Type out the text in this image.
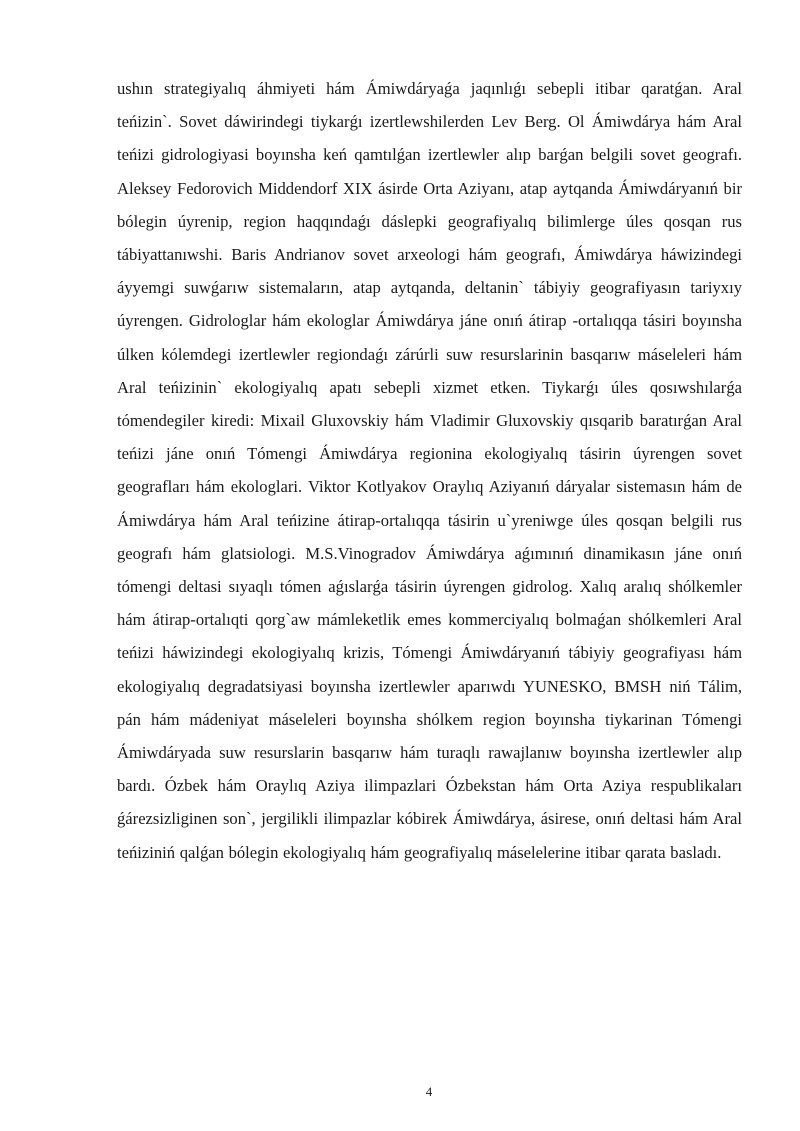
ushın strategiyalıq áhmiyeti hám Ámiwdáryaǵa jaqınlıǵı sebepli itibar qaratǵan. Aral teńizin`. Sovet dáwirindegi tiykarǵı izertlewshilerden Lev Berg. Ol Ámiwdárya hám Aral teńizi gidrologiyasi boyınsha keń qamtılǵan izertlewler alıp barǵan belgili sovet geografı. Aleksey Fedorovich Middendorf XIX ásirde Orta Aziyanı, atap aytqanda Ámiwdáryanıń bir bólegin úyrenip, region haqqındaǵı dáslepki geografiyalıq bilimlerge úles qosqan rus tábiyattanıwshi. Baris Andrianov sovet arxeologi hám geografı, Ámiwdárya háwizindegi áyyemgi suwǵarıw sistemaların, atap aytqanda, deltanin` tábiyiy geografiyasın tariyxıy úyrengen. Gidrologlar hám ekologlar Ámiwdárya jáne onıń átirap -ortalıqqa tásiri boyınsha úlken kólemdegi izertlewler regiondaǵı zárúrli suw resurslarinin basqarıw máseleleri hám Aral teńizinin` ekologiyalıq apatı sebepli xizmet etken. Tiykarǵı úles qosıwshılarǵa tómendegiler kiredi: Mixail Gluxovskiy hám Vladimir Gluxovskiy qısqarib baratırǵan Aral teńizi jáne onıń Tómengi Ámiwdárya regionina ekologiyalıq tásirin úyrengen sovet geografları hám ekologlari. Viktor Kotlyakov Oraylıq Aziyanıń dáryalar sistemasın hám de Ámiwdárya hám Aral teńizine átirap-ortalıqqa tásirin u`yreniwge úles qosqan belgili rus geografı hám glatsiologi. M.S.Vinogradov Ámiwdárya aǵımınıń dinamikasın jáne onıń tómengi deltasi sıyaqlı tómen aǵıslarǵa tásirin úyrengen gidrolog. Xalıq aralıq shólkemler hám átirap-ortalıqti qorg`aw mámleketlik emes kommerciyalıq bolmaǵan shólkemleri Aral teńizi háwizindegi ekologiyalıq krizis, Tómengi Ámiwdáryanıń tábiyiy geografiyası hám ekologiyalıq degradatsiyasi boyınsha izertlewler aparıwdı YUNESKO, BMSH niń Tálim, pán hám mádeniyat máseleleri boyınsha shólkem region boyınsha tiykarinan Tómengi Ámiwdáryada suw resurslarin basqarıw hám turaqlı rawajlanıw boyınsha izertlewler alıp bardı. Ózbek hám Oraylıq Aziya ilimpazlari Ózbekstan hám Orta Aziya respublikaları ǵárezsizliginen son`, jergilikli ilimpazlar kóbirek Ámiwdárya, ásirese, onıń deltasi hám Aral teńiziniń qalǵan bólegin ekologiyalıq hám geografiyalıq máselelerine itibar qarata basladı.

4
